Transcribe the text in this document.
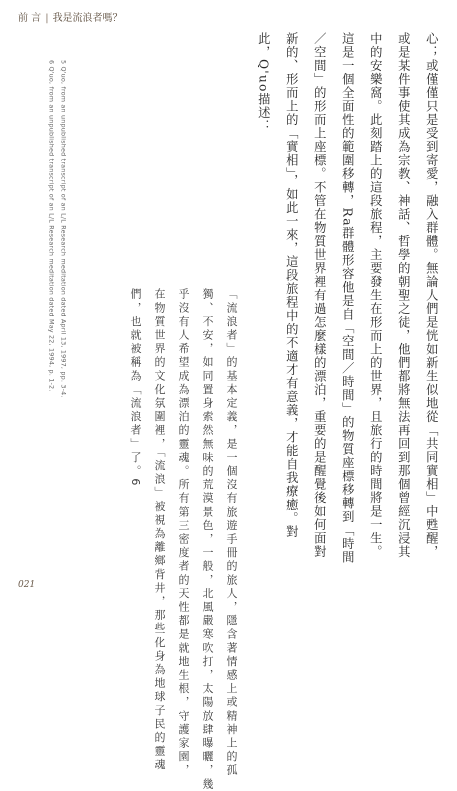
前 言 | 我是流浪者嗎？
心；或僅僅只是受到寄愛，融入群體。無論人們是恍如新生似地從「共同實相」中甦醒，
或是某件事使其成為宗教、神話、哲學的朝聖之徒，他們都將無法再回到那個曾經沉浸其
中的安樂窩。此刻踏上的這段旅程，主要發生在形而上的世界，且旅行的時間將是一生。
這是一個全面性的範圍移轉，Ra群體形容他是自「空間／時間」的物質座標移轉到「時間
／空間」的形而上座標。不管在物質世界裡有過怎麼樣的漂泊，重要的是醒覺後如何面對
新的、形而上的「實相」，如此一來，這段旅程中的不適才有意義，才能自我療癒。對
此，Q'uo描述：
「流浪者」的基本定義，是一個沒有旅遊手冊的旅人，隱含著情感上或精神上的孤
獨、不安，如同置身索然無味的荒漠景色，一般，北風嚴寒吹打，太陽放肆曝曬，幾
乎沒有人希望成為漂泊的靈魂。所有第三密度者的天性都是就地生根，守護家園，
在物質世界的文化氛圍裡，「流浪」被視為離鄉背井，那些化身為地球子民的靈魂
們，也就被稱為「流浪者」了。6
5 Q'uo, from an unpublished transcript of an L/L Research meditation dated April 13, 1997, pp. 3-4.
6 Q'uo, from an unpublished transcript of an L/L Research meditation dated May 22, 1994, p. 1-2.
021
